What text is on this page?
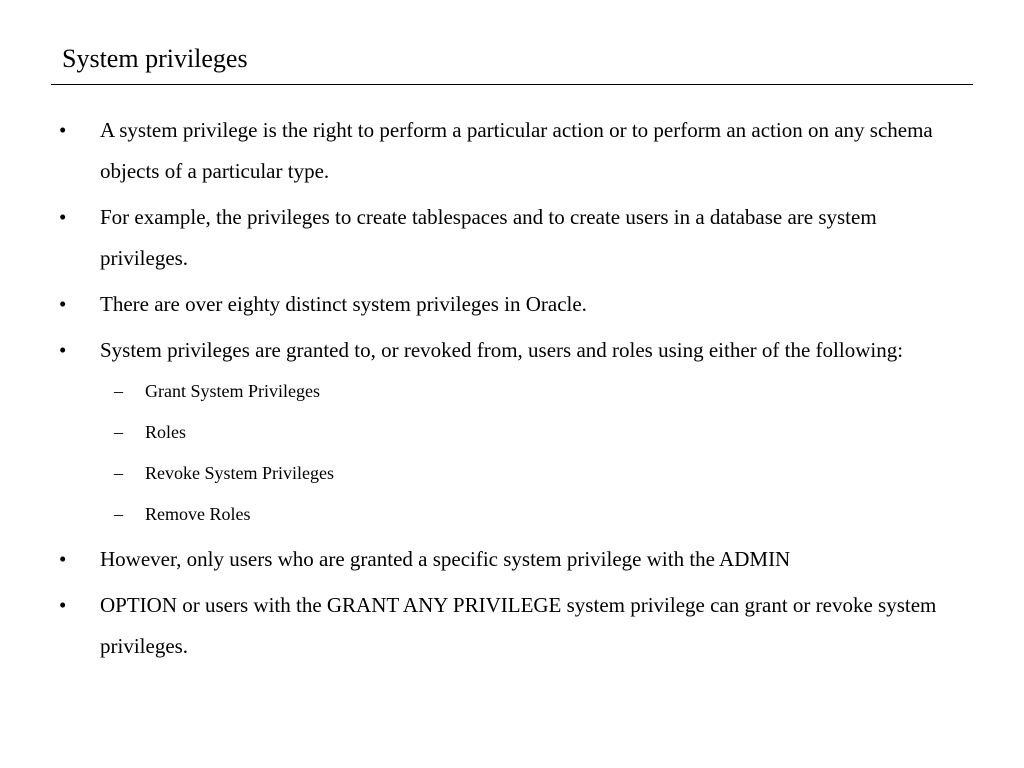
System privileges
•	A system privilege is the right to perform a particular action or to perform an action on any schema objects of a particular type.
•	For example, the privileges to create tablespaces and to create users in a database are system privileges.
•	There are over eighty distinct system privileges in Oracle.
•	System privileges are granted to, or revoked from, users and roles using either of the following:
–	Grant System Privileges
–	Roles
–	Revoke System Privileges
–	Remove Roles
•	However, only users who are granted a specific system privilege with the ADMIN
•	OPTION or users with the GRANT ANY PRIVILEGE system privilege can grant or revoke system privileges.
